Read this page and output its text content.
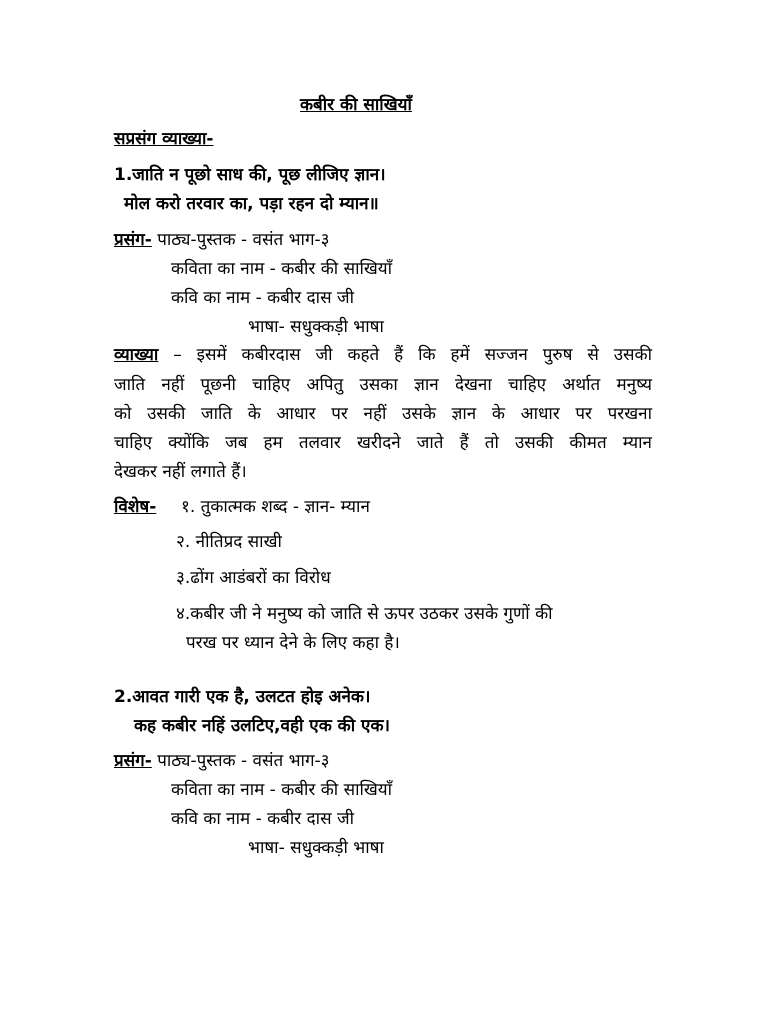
कबीर की साखियाँ
सप्रसंग व्याख्या-
1.जाति न पूछो साध की, पूछ लीजिए ज्ञान।
मोल करो तरवार का, पड़ा रहन दो म्यान॥
प्रसंग- पाठ्य-पुस्तक - वसंत भाग-३
कविता का नाम - कबीर की साखियाँ
कवि का नाम - कबीर दास जी
भाषा- सधुक्कड़ी भाषा
व्याख्या – इसमें कबीरदास जी कहते हैं कि हमें सज्जन पुरुष से उसकी
जाति नहीं पूछनी चाहिए अपितु उसका ज्ञान देखना चाहिए अर्थात मनुष्य
को उसकी जाति के आधार पर नहीं उसके ज्ञान के आधार पर परखना
चाहिए क्योंकि जब हम तलवार खरीदने जाते हैं तो उसकी कीमत म्यान
देखकर नहीं लगाते हैं।
विशेष- १. तुकात्मक शब्द - ज्ञान- म्यान
२. नीतिप्रद साखी
३.ढोंग आडंबरों का विरोध
४.कबीर जी ने मनुष्य को जाति से ऊपर उठकर उसके गुणों की
परख पर ध्यान देने के लिए कहा है।
2.आवत गारी एक है, उलटत होइ अनेक।
कह कबीर नहिं उलटिए,वही एक की एक।
प्रसंग- पाठ्य-पुस्तक - वसंत भाग-३
कविता का नाम - कबीर की साखियाँ
कवि का नाम - कबीर दास जी
भाषा- सधुक्कड़ी भाषा
